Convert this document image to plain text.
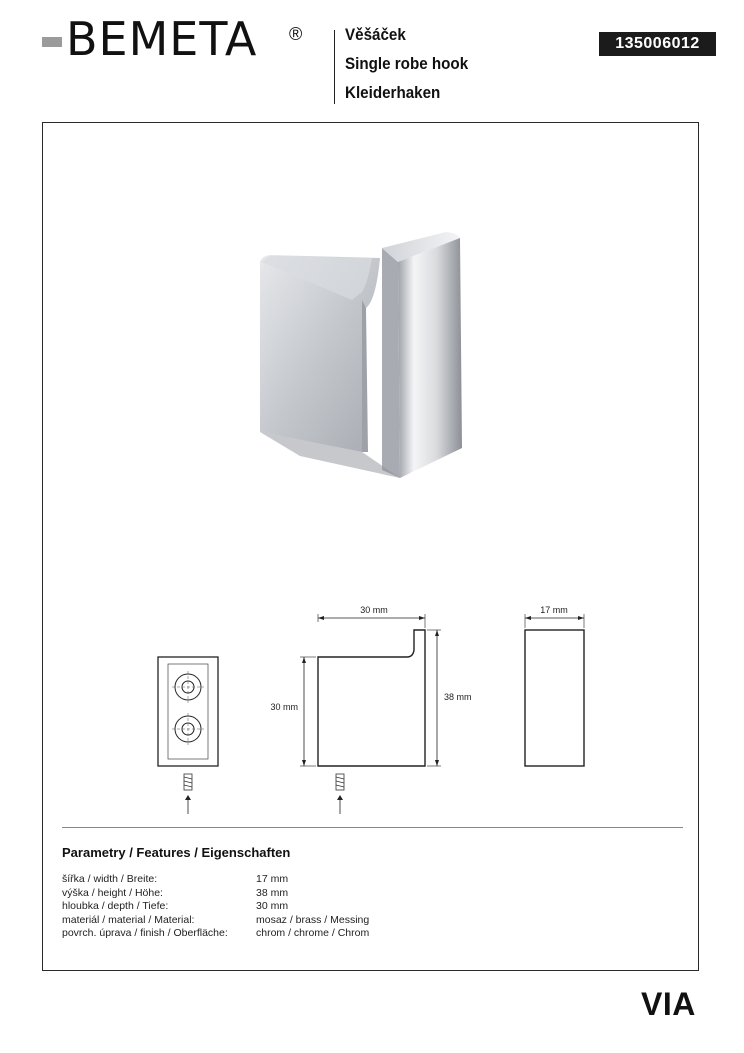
BEMETA ®	Věšáček
Single robe hook
Kleiderhaken
135006012
30 mm
30 mm
38 mm
17 mm
Parametry / Features / Eigenschaften
šířka / width / Breite:
výška / height / Höhe:
hloubka / depth / Tiefe:
materiál / material / Material:
povrch. úprava / finish / Oberfläche:
17 mm
38 mm
30 mm
mosaz / brass / Messing
chrom / chrome / Chrom
VIA
